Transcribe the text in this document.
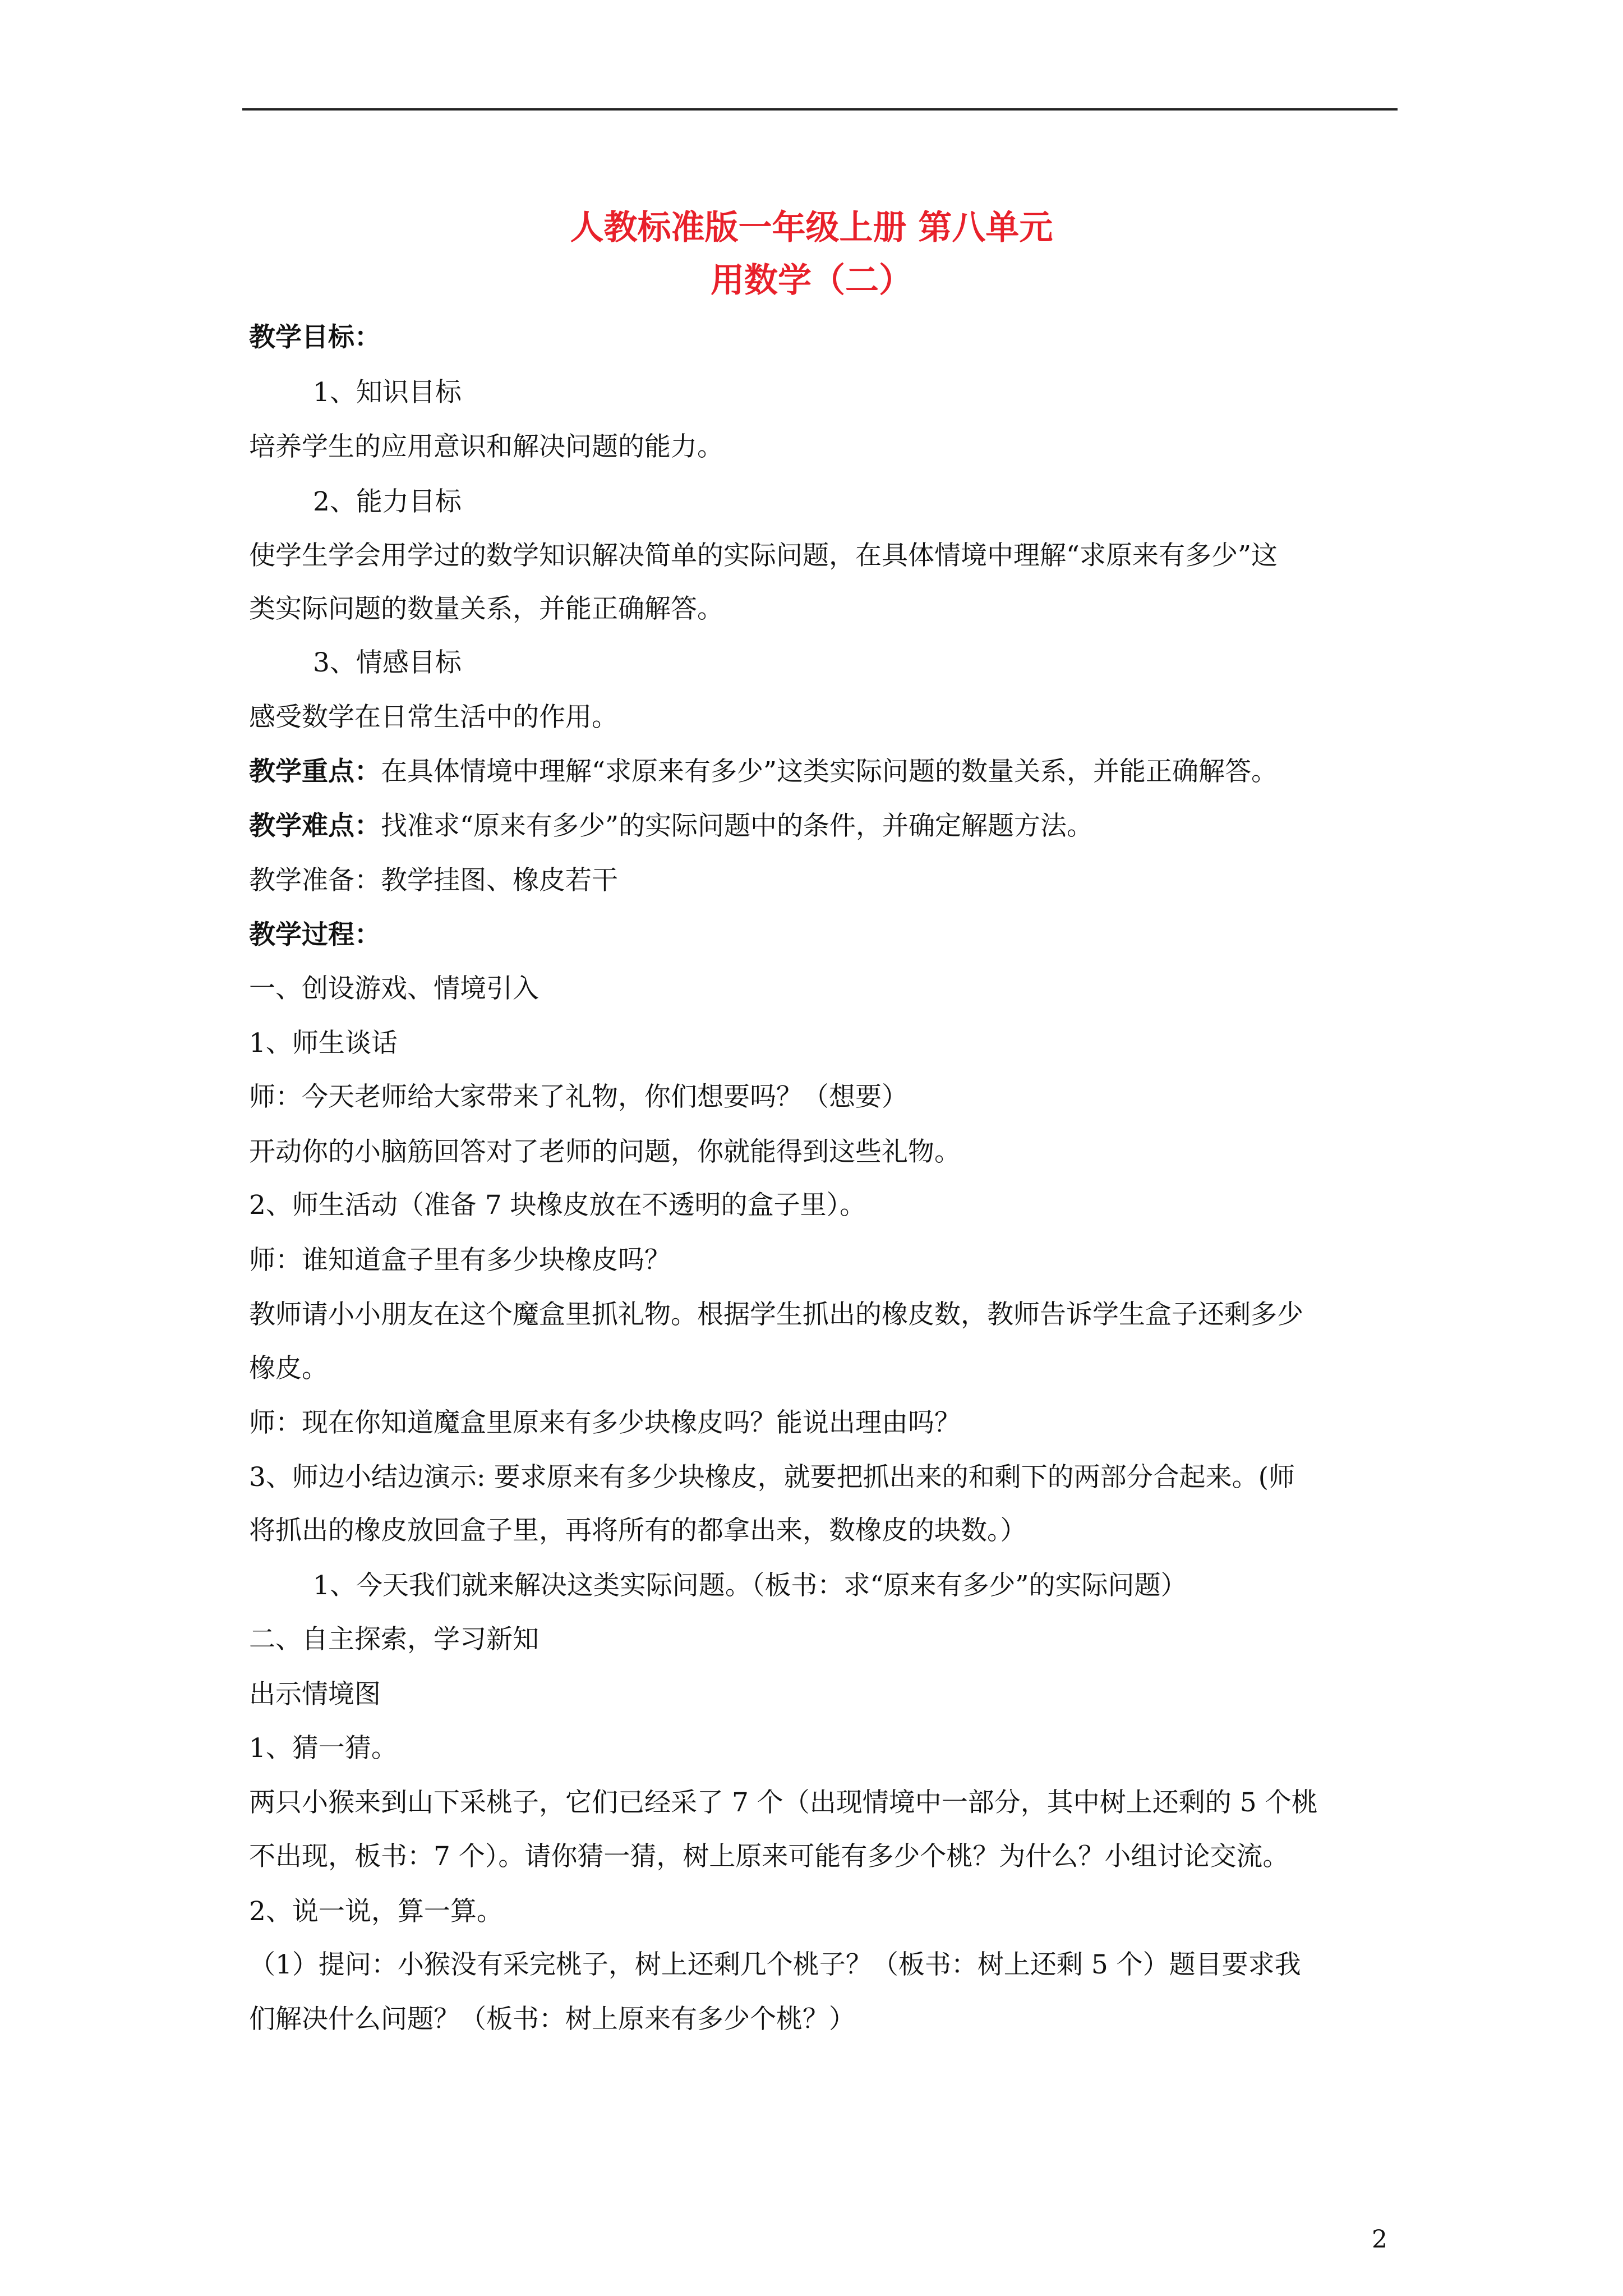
人教标准版一年级上册 第八单元
用数学（二）
教学目标：
1、知识目标
培养学生的应用意识和解决问题的能力。
2、能力目标
使学生学会用学过的数学知识解决简单的实际问题，在具体情境中理解“求原来有多少”这
类实际问题的数量关系，并能正确解答。
3、情感目标
感受数学在日常生活中的作用。
教学重点：在具体情境中理解“求原来有多少”这类实际问题的数量关系，并能正确解答。
教学难点：找准求“原来有多少”的实际问题中的条件，并确定解题方法。
教学准备：教学挂图、橡皮若干
教学过程：
一、创设游戏、情境引入
1、师生谈话
师：今天老师给大家带来了礼物，你们想要吗？（想要）
开动你的小脑筋回答对了老师的问题，你就能得到这些礼物。
2、师生活动（准备 7 块橡皮放在不透明的盒子里）。
师：谁知道盒子里有多少块橡皮吗？
教师请小小朋友在这个魔盒里抓礼物。根据学生抓出的橡皮数，教师告诉学生盒子还剩多少
橡皮。
师：现在你知道魔盒里原来有多少块橡皮吗？能说出理由吗？
3、师边小结边演示: 要求原来有多少块橡皮，就要把抓出来的和剩下的两部分合起来。(师
将抓出的橡皮放回盒子里，再将所有的都拿出来，数橡皮的块数。）
1、今天我们就来解决这类实际问题。（板书：求“原来有多少”的实际问题）
二、自主探索，学习新知
出示情境图
1、猜一猜。
两只小猴来到山下采桃子，它们已经采了 7 个（出现情境中一部分，其中树上还剩的 5 个桃
不出现，板书：7 个）。请你猜一猜，树上原来可能有多少个桃？为什么？小组讨论交流。
2、说一说，算一算。
（1）提问：小猴没有采完桃子，树上还剩几个桃子？（板书：树上还剩 5 个）题目要求我
们解决什么问题？（板书：树上原来有多少个桃？）
2
